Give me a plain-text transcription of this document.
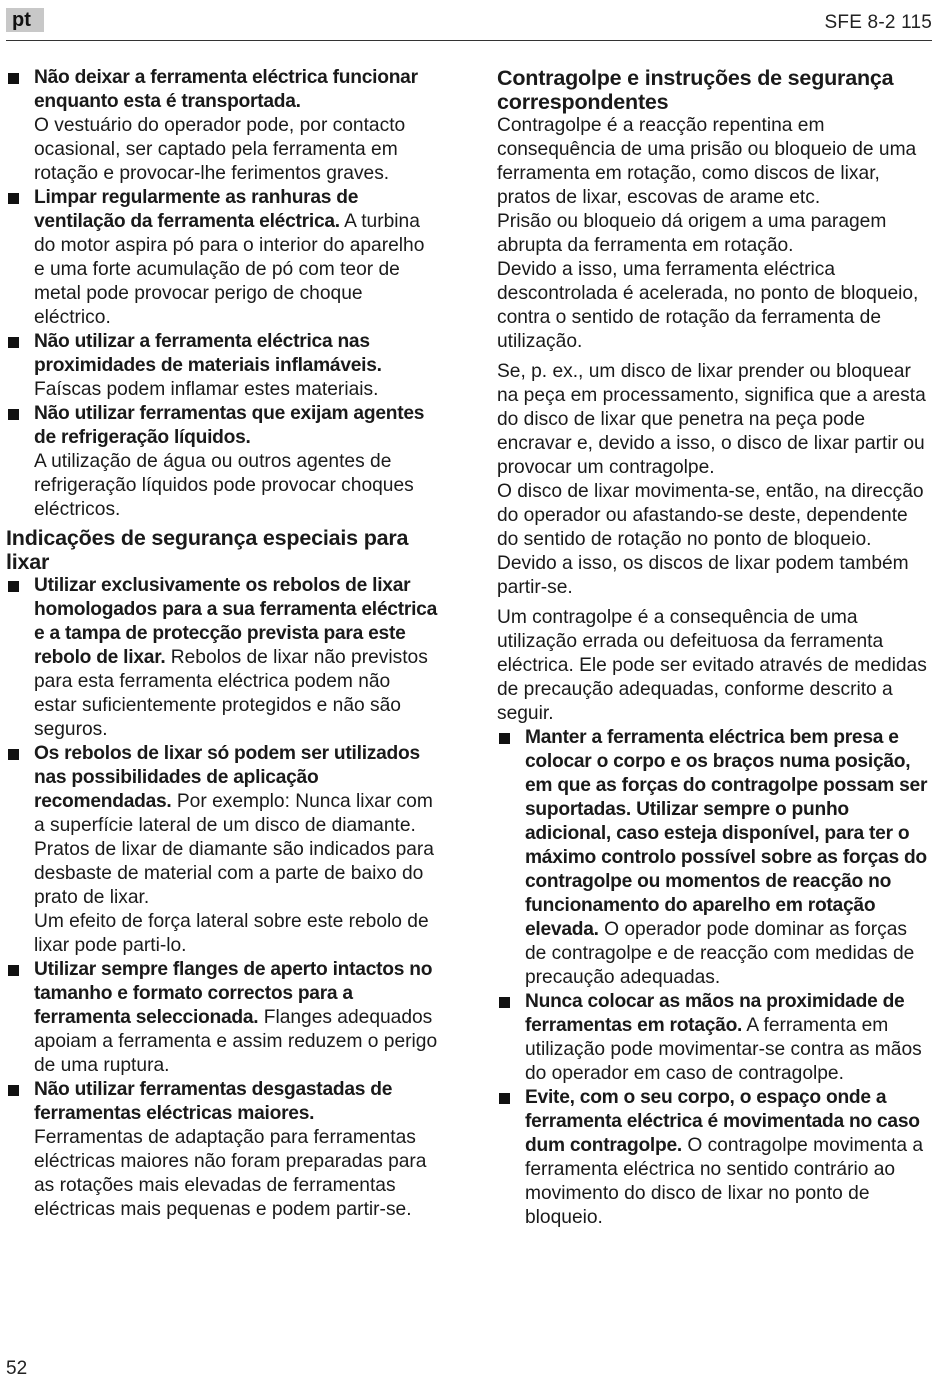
pt	SFE 8-2 115
Não deixar a ferramenta eléctrica funcionar enquanto esta é transportada.
O vestuário do operador pode, por contacto ocasional, ser captado pela ferramenta em rotação e provocar-lhe ferimentos graves.
Limpar regularmente as ranhuras de ventilação da ferramenta eléctrica. A turbina do motor aspira pó para o interior do aparelho e uma forte acumulação de pó com teor de metal pode provocar perigo de choque eléctrico.
Não utilizar a ferramenta eléctrica nas proximidades de materiais inflamáveis.
Faíscas podem inflamar estes materiais.
Não utilizar ferramentas que exijam agentes de refrigeração líquidos.
A utilização de água ou outros agentes de refrigeração líquidos pode provocar choques eléctricos.
Indicações de segurança especiais para lixar
Utilizar exclusivamente os rebolos de lixar homologados para a sua ferramenta eléctrica e a tampa de protecção prevista para este rebolo de lixar. Rebolos de lixar não previstos para esta ferramenta eléctrica podem não estar suficientemente protegidos e não são seguros.
Os rebolos de lixar só podem ser utilizados nas possibilidades de aplicação recomendadas. Por exemplo: Nunca lixar com a superfície lateral de um disco de diamante. Pratos de lixar de diamante são indicados para desbaste de material com a parte de baixo do prato de lixar.
Um efeito de força lateral sobre este rebolo de lixar pode parti-lo.
Utilizar sempre flanges de aperto intactos no tamanho e formato correctos para a ferramenta seleccionada. Flanges adequados apoiam a ferramenta e assim reduzem o perigo de uma ruptura.
Não utilizar ferramentas desgastadas de ferramentas eléctricas maiores.
Ferramentas de adaptação para ferramentas eléctricas maiores não foram preparadas para as rotações mais elevadas de ferramentas eléctricas mais pequenas e podem partir-se.
Contragolpe e instruções de segurança correspondentes
Contragolpe é a reacção repentina em consequência de uma prisão ou bloqueio de uma ferramenta em rotação, como discos de lixar, pratos de lixar, escovas de arame etc.
Prisão ou bloqueio dá origem a uma paragem abrupta da ferramenta em rotação.
Devido a isso, uma ferramenta eléctrica descontrolada é acelerada, no ponto de bloqueio, contra o sentido de rotação da ferramenta de utilização.
Se, p. ex., um disco de lixar prender ou bloquear na peça em processamento, significa que a aresta do disco de lixar que penetra na peça pode encravar e, devido a isso, o disco de lixar partir ou provocar um contragolpe.
O disco de lixar movimenta-se, então, na direcção do operador ou afastando-se deste, dependente do sentido de rotação no ponto de bloqueio. Devido a isso, os discos de lixar podem também partir-se.
Um contragolpe é a consequência de uma utilização errada ou defeituosa da ferramenta eléctrica. Ele pode ser evitado através de medidas de precaução adequadas, conforme descrito a seguir.
Manter a ferramenta eléctrica bem presa e colocar o corpo e os braços numa posição, em que as forças do contragolpe possam ser suportadas. Utilizar sempre o punho adicional, caso esteja disponível, para ter o máximo controlo possível sobre as forças do contragolpe ou momentos de reacção no funcionamento do aparelho em rotação elevada. O operador pode dominar as forças de contragolpe e de reacção com medidas de precaução adequadas.
Nunca colocar as mãos na proximidade de ferramentas em rotação. A ferramenta em utilização pode movimentar-se contra as mãos do operador em caso de contragolpe.
Evite, com o seu corpo, o espaço onde a ferramenta eléctrica é movimentada no caso dum contragolpe. O contragolpe movimenta a ferramenta eléctrica no sentido contrário ao movimento do disco de lixar no ponto de bloqueio.
52
